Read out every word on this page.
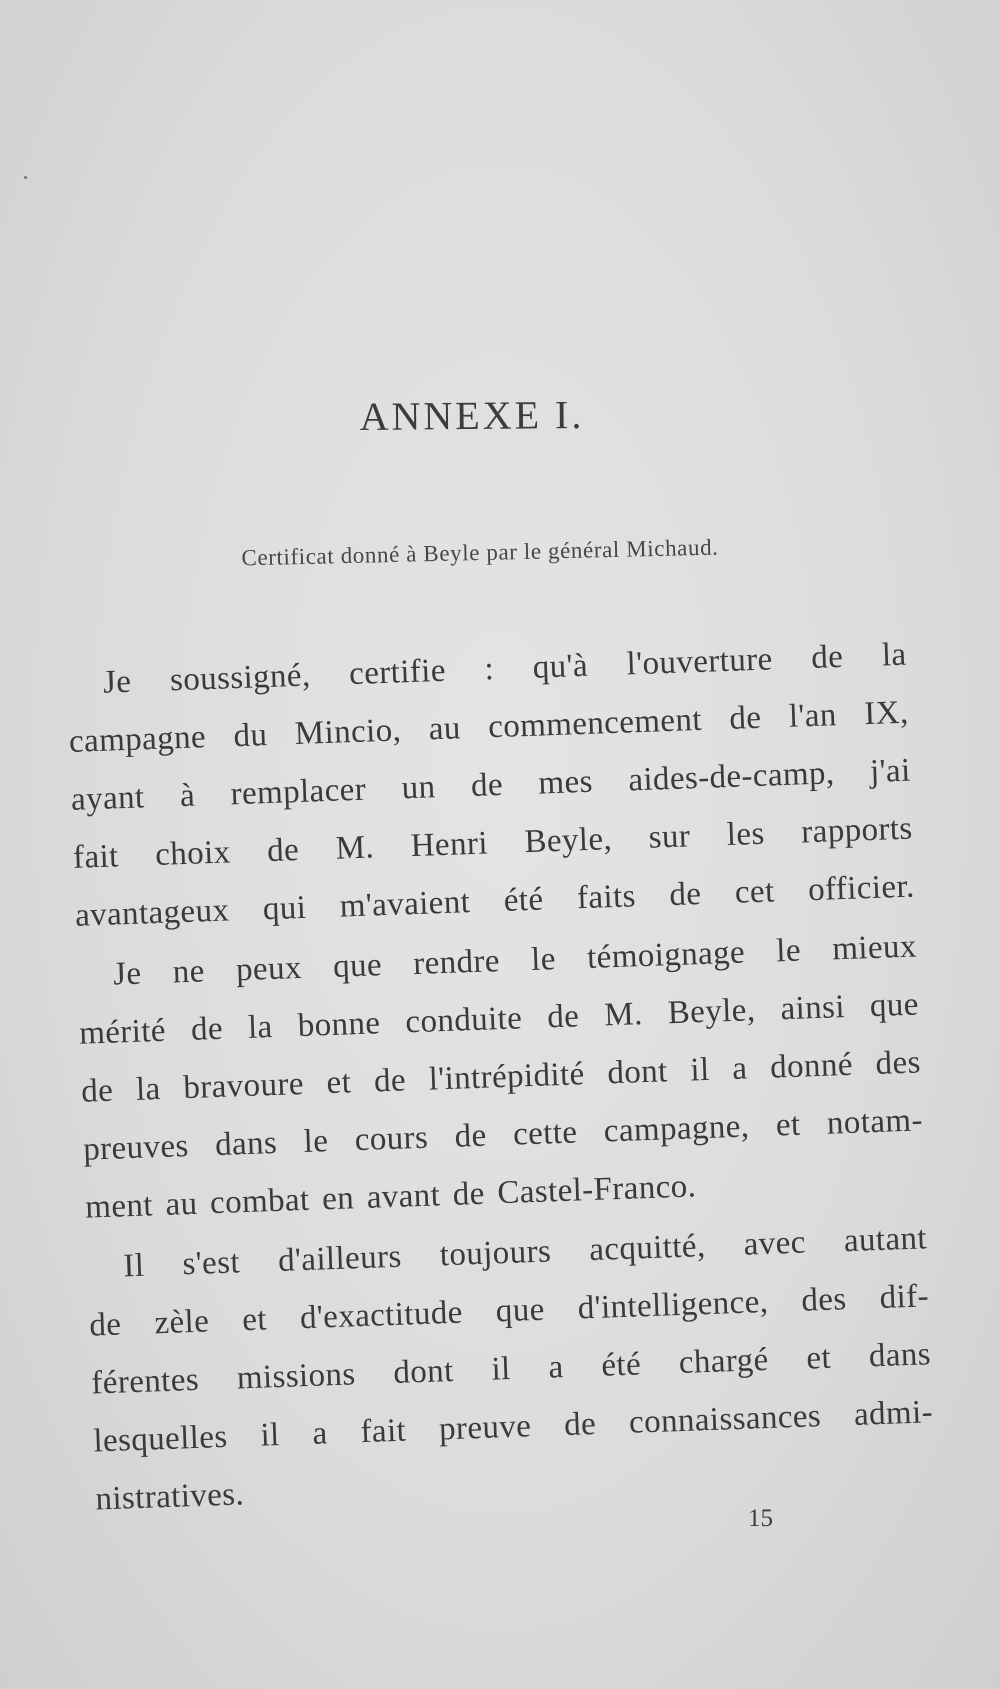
ANNEXE I.
Certificat donné à Beyle par le général Michaud.
Je soussigné, certifie : qu'à l'ouverture de la
campagne du Mincio, au commencement de l'an IX,
ayant à remplacer un de mes aides-de-camp, j'ai
fait choix de M. Henri Beyle, sur les rapports
avantageux qui m'avaient été faits de cet officier.
Je ne peux que rendre le témoignage le mieux
mérité de la bonne conduite de M. Beyle, ainsi que
de la bravoure et de l'intrépidité dont il a donné des
preuves dans le cours de cette campagne, et notam-
ment au combat en avant de Castel-Franco.
Il s'est d'ailleurs toujours acquitté, avec autant
de zèle et d'exactitude que d'intelligence, des dif-
férentes missions dont il a été chargé et dans
lesquelles il a fait preuve de connaissances admi-
nistratives.
15
